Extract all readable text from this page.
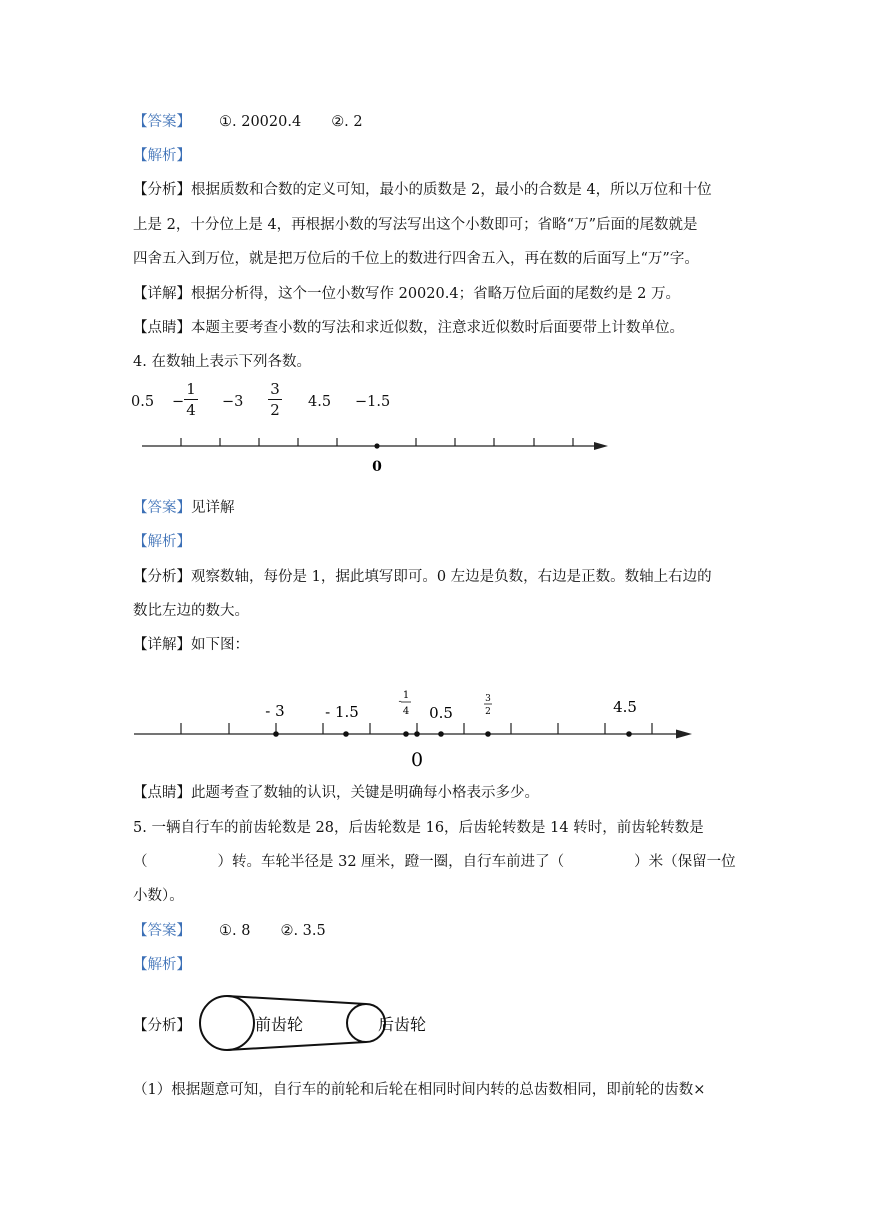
【答案】 ①. 20020.4 ②. 2
【解析】
【分析】根据质数和合数的定义可知，最小的质数是 2，最小的合数是 4，所以万位和十位
上是 2，十分位上是 4，再根据小数的写法写出这个小数即可；省略“万”后面的尾数就是
四舍五入到万位，就是把万位后的千位上的数进行四舍五入，再在数的后面写上“万”字。
【详解】根据分析得，这个一位小数写作 20020.4；省略万位后面的尾数约是 2 万。
【点睛】本题主要考查小数的写法和求近似数，注意求近似数时后面要带上计数单位。
4. 在数轴上表示下列各数。
0.5 −
1
4 −3
3
2 4.5 −1.5
0
【答案】见详解
【解析】
【分析】观察数轴，每份是 1，据此填写即可。0 左边是负数，右边是正数。数轴上右边的
数比左边的数大。
【详解】如下图：
- 3	- 1.5
-
1
4 0.5
3
2	4.5
0
【点睛】此题考查了数轴的认识，关键是明确每小格表示多少。
5. 一辆自行车的前齿轮数是 28，后齿轮数是 16，后齿轮转数是 14 转时，前齿轮转数是
（	）转。车轮半径是 32 厘米，蹬一圈，自行车前进了（	）米（保留一位
小数）。
【答案】 ①. 8 ②. 3.5
【解析】
【分析】	前齿轮	后齿轮
（1）根据题意可知，自行车的前轮和后轮在相同时间内转的总齿数相同，即前轮的齿数×
